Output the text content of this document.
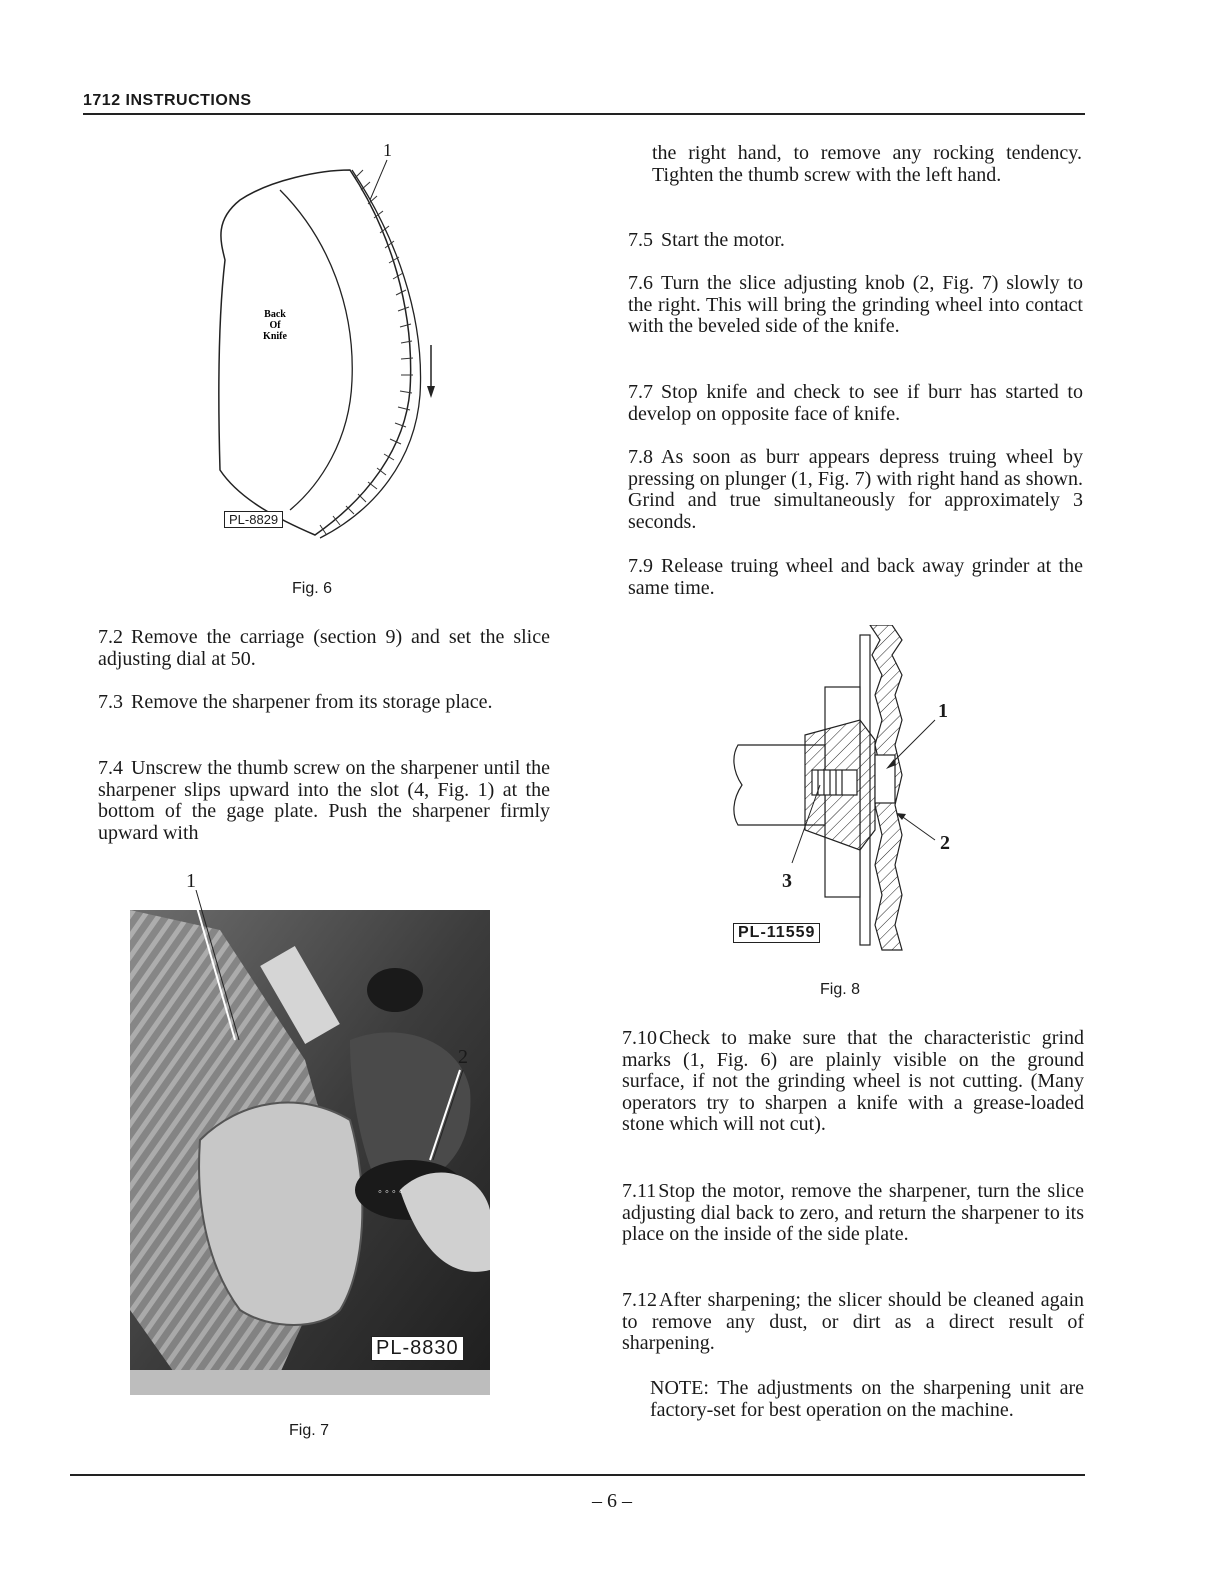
1712 INSTRUCTIONS
Back
Of
Knife
1
PL-8829
Fig. 6
7.2 Remove the carriage (section 9) and set the slice adjusting dial at 50.
7.3 Remove the sharpener from its storage place.
7.4 Unscrew the thumb screw on the sharpener until the sharpener slips upward into the slot (4, Fig. 1) at the bottom of the gage plate. Push the sharpener firmly upward with
1
◦ ◦ ◦ ◦
2
PL-8830
Fig. 7
the right hand, to remove any rocking tendency. Tighten the thumb screw with the left hand.
7.5 Start the motor.
7.6 Turn the slice adjusting knob (2, Fig. 7) slowly to the right. This will bring the grinding wheel into contact with the beveled side of the knife.
7.7 Stop knife and check to see if burr has started to develop on opposite face of knife.
7.8 As soon as burr appears depress truing wheel by pressing on plunger (1, Fig. 7) with right hand as shown. Grind and true simultaneously for approximately 3 seconds.
7.9 Release truing wheel and back away grinder at the same time.
1
2
3
PL-11559
Fig. 8
7.10 Check to make sure that the characteristic grind marks (1, Fig. 6) are plainly visible on the ground surface, if not the grinding wheel is not cutting. (Many operators try to sharpen a knife with a grease-loaded stone which will not cut).
7.11 Stop the motor, remove the sharpener, turn the slice adjusting dial back to zero, and return the sharpener to its place on the inside of the side plate.
7.12 After sharpening; the slicer should be cleaned again to remove any dust, or dirt as a direct result of sharpening.
NOTE: The adjustments on the sharpening unit are factory-set for best operation on the machine.
– 6 –
